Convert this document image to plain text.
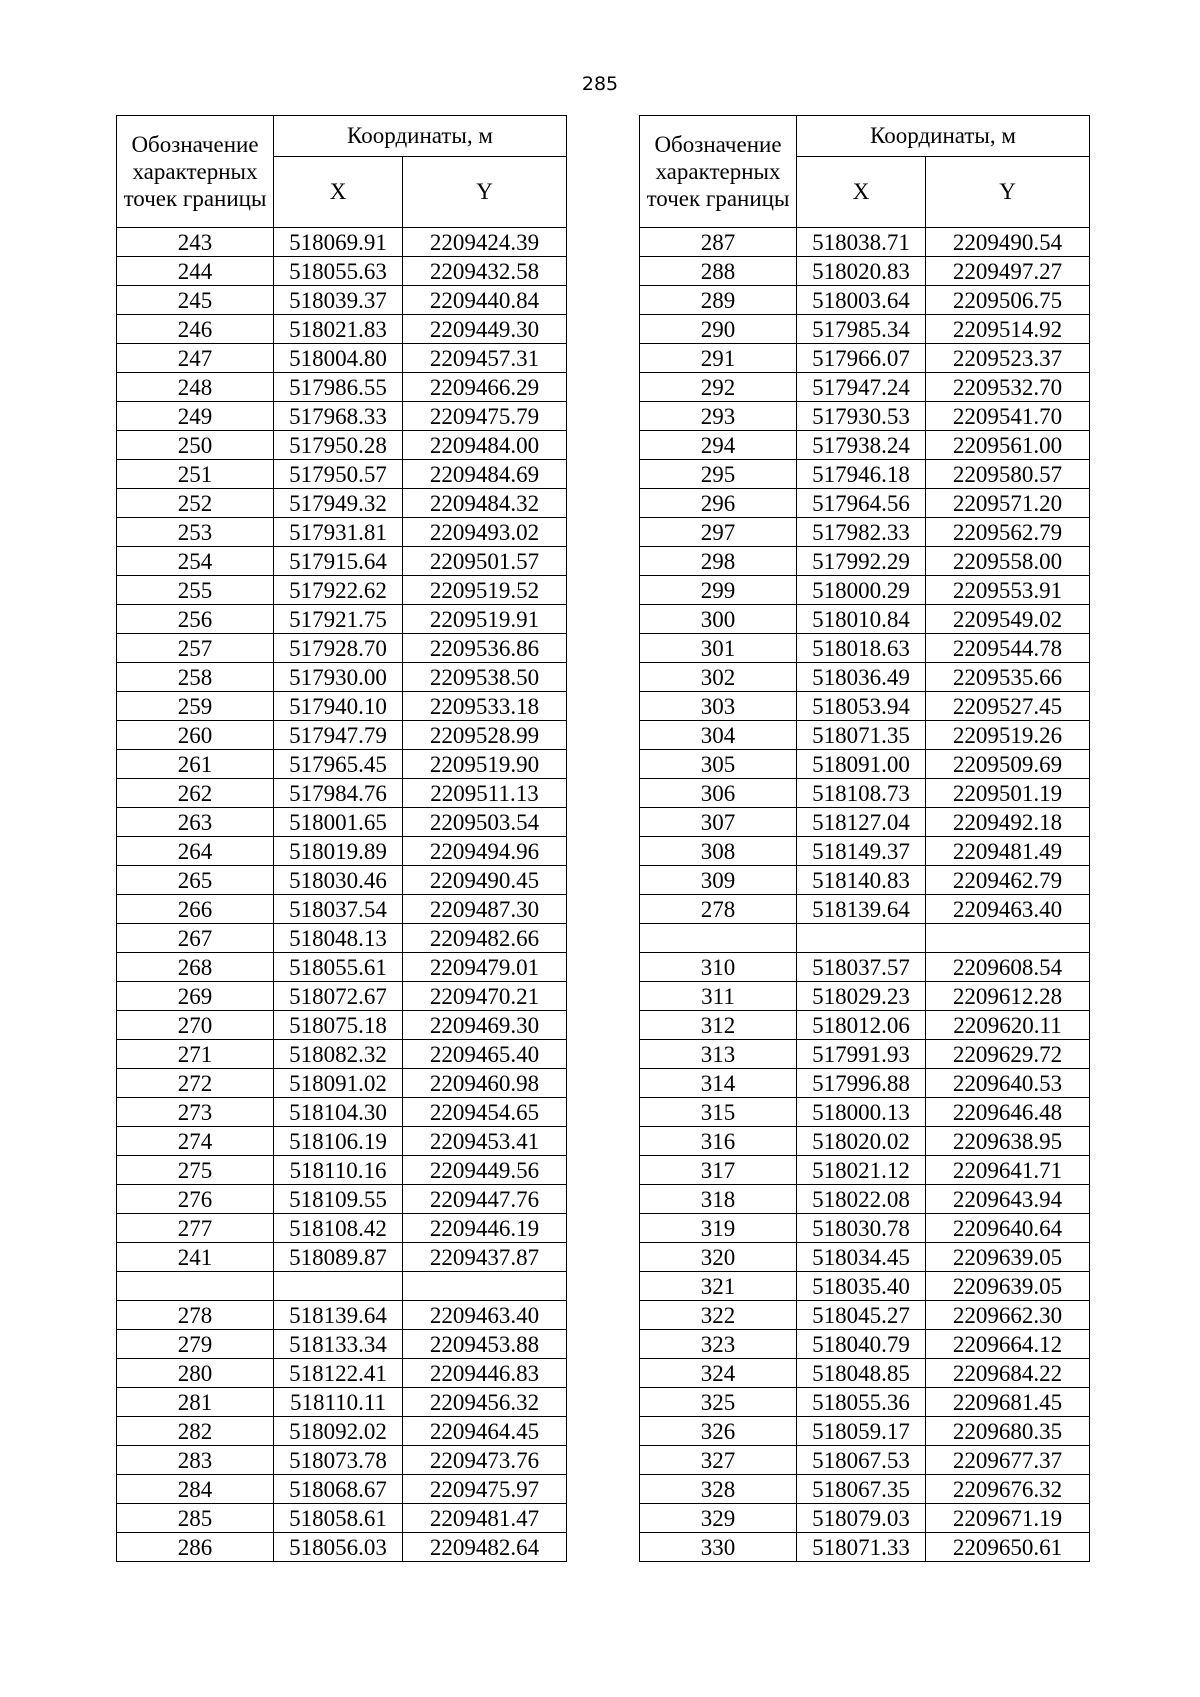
285
Обозначение характерных точек границы	Координаты, м	
	X	Y
243	518069.91	2209424.39
244	518055.63	2209432.58
245	518039.37	2209440.84
246	518021.83	2209449.30
247	518004.80	2209457.31
248	517986.55	2209466.29
249	517968.33	2209475.79
250	517950.28	2209484.00
251	517950.57	2209484.69
252	517949.32	2209484.32
253	517931.81	2209493.02
254	517915.64	2209501.57
255	517922.62	2209519.52
256	517921.75	2209519.91
257	517928.70	2209536.86
258	517930.00	2209538.50
259	517940.10	2209533.18
260	517947.79	2209528.99
261	517965.45	2209519.90
262	517984.76	2209511.13
263	518001.65	2209503.54
264	518019.89	2209494.96
265	518030.46	2209490.45
266	518037.54	2209487.30
267	518048.13	2209482.66
268	518055.61	2209479.01
269	518072.67	2209470.21
270	518075.18	2209469.30
271	518082.32	2209465.40
272	518091.02	2209460.98
273	518104.30	2209454.65
274	518106.19	2209453.41
275	518110.16	2209449.56
276	518109.55	2209447.76
277	518108.42	2209446.19
241	518089.87	2209437.87

278	518139.64	2209463.40
279	518133.34	2209453.88
280	518122.41	2209446.83
281	518110.11	2209456.32
282	518092.02	2209464.45
283	518073.78	2209473.76
284	518068.67	2209475.97
285	518058.61	2209481.47
286	518056.03	2209482.64
Обозначение характерных точек границы	Координаты, м	
	X	Y
287	518038.71	2209490.54
288	518020.83	2209497.27
289	518003.64	2209506.75
290	517985.34	2209514.92
291	517966.07	2209523.37
292	517947.24	2209532.70
293	517930.53	2209541.70
294	517938.24	2209561.00
295	517946.18	2209580.57
296	517964.56	2209571.20
297	517982.33	2209562.79
298	517992.29	2209558.00
299	518000.29	2209553.91
300	518010.84	2209549.02
301	518018.63	2209544.78
302	518036.49	2209535.66
303	518053.94	2209527.45
304	518071.35	2209519.26
305	518091.00	2209509.69
306	518108.73	2209501.19
307	518127.04	2209492.18
308	518149.37	2209481.49
309	518140.83	2209462.79
278	518139.64	2209463.40

310	518037.57	2209608.54
311	518029.23	2209612.28
312	518012.06	2209620.11
313	517991.93	2209629.72
314	517996.88	2209640.53
315	518000.13	2209646.48
316	518020.02	2209638.95
317	518021.12	2209641.71
318	518022.08	2209643.94
319	518030.78	2209640.64
320	518034.45	2209639.05
321	518035.40	2209639.05
322	518045.27	2209662.30
323	518040.79	2209664.12
324	518048.85	2209684.22
325	518055.36	2209681.45
326	518059.17	2209680.35
327	518067.53	2209677.37
328	518067.35	2209676.32
329	518079.03	2209671.19
330	518071.33	2209650.61
